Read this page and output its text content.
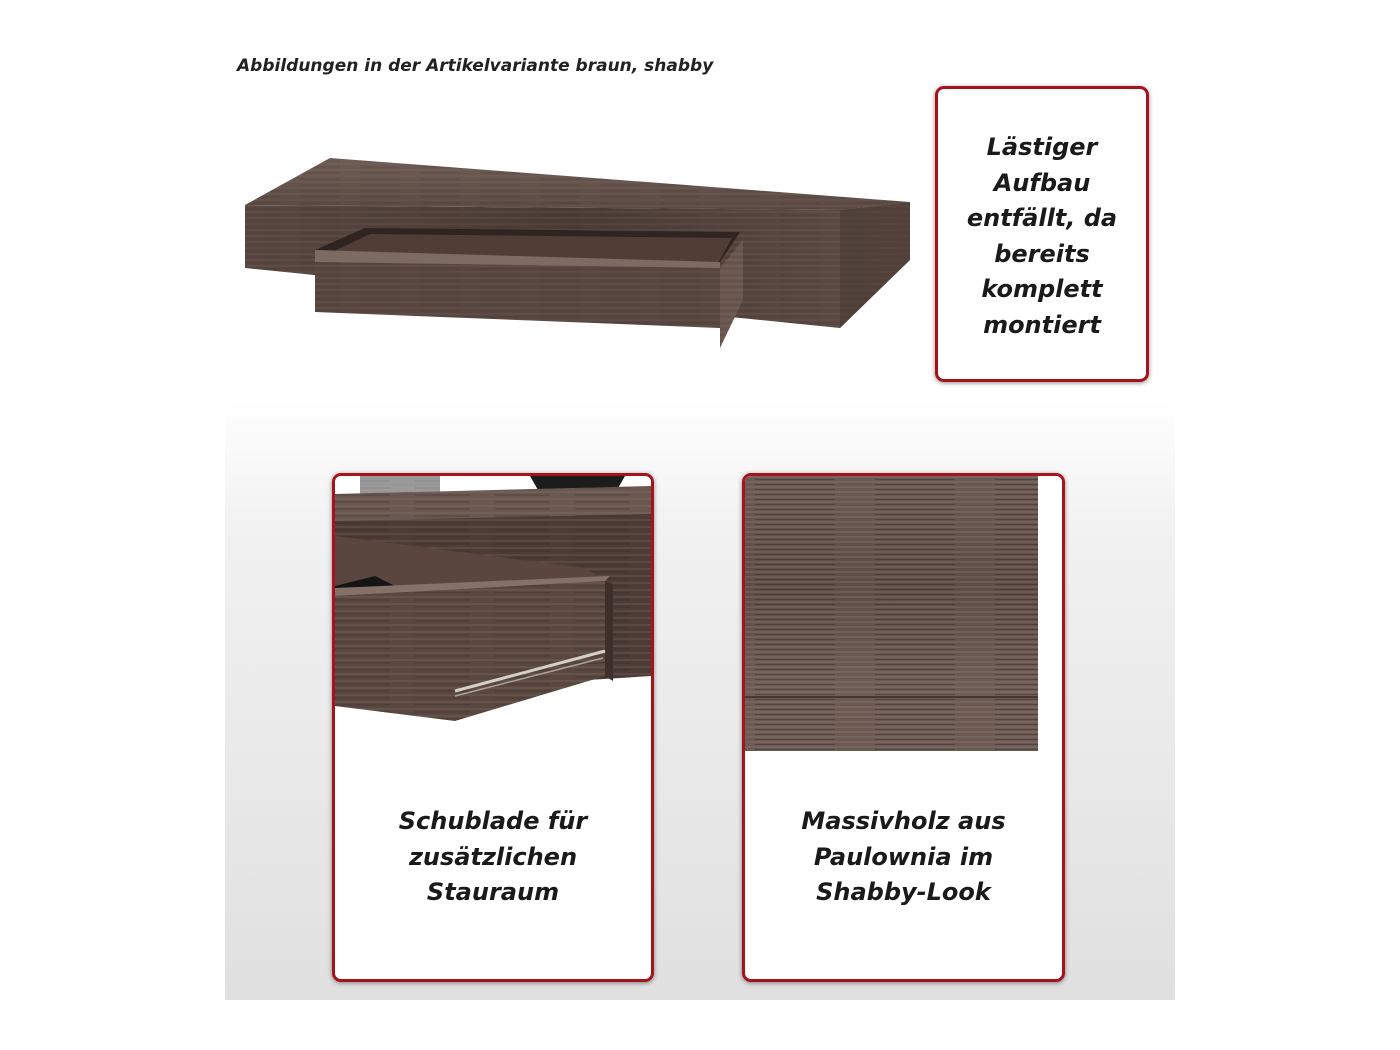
Abbildungen in der Artikelvariante braun, shabby
Lästiger
Aufbau
entfällt, da
bereits
komplett
montiert
Schublade für
zusätzlichen
Stauraum
Massivholz aus
Paulownia im
Shabby-Look
